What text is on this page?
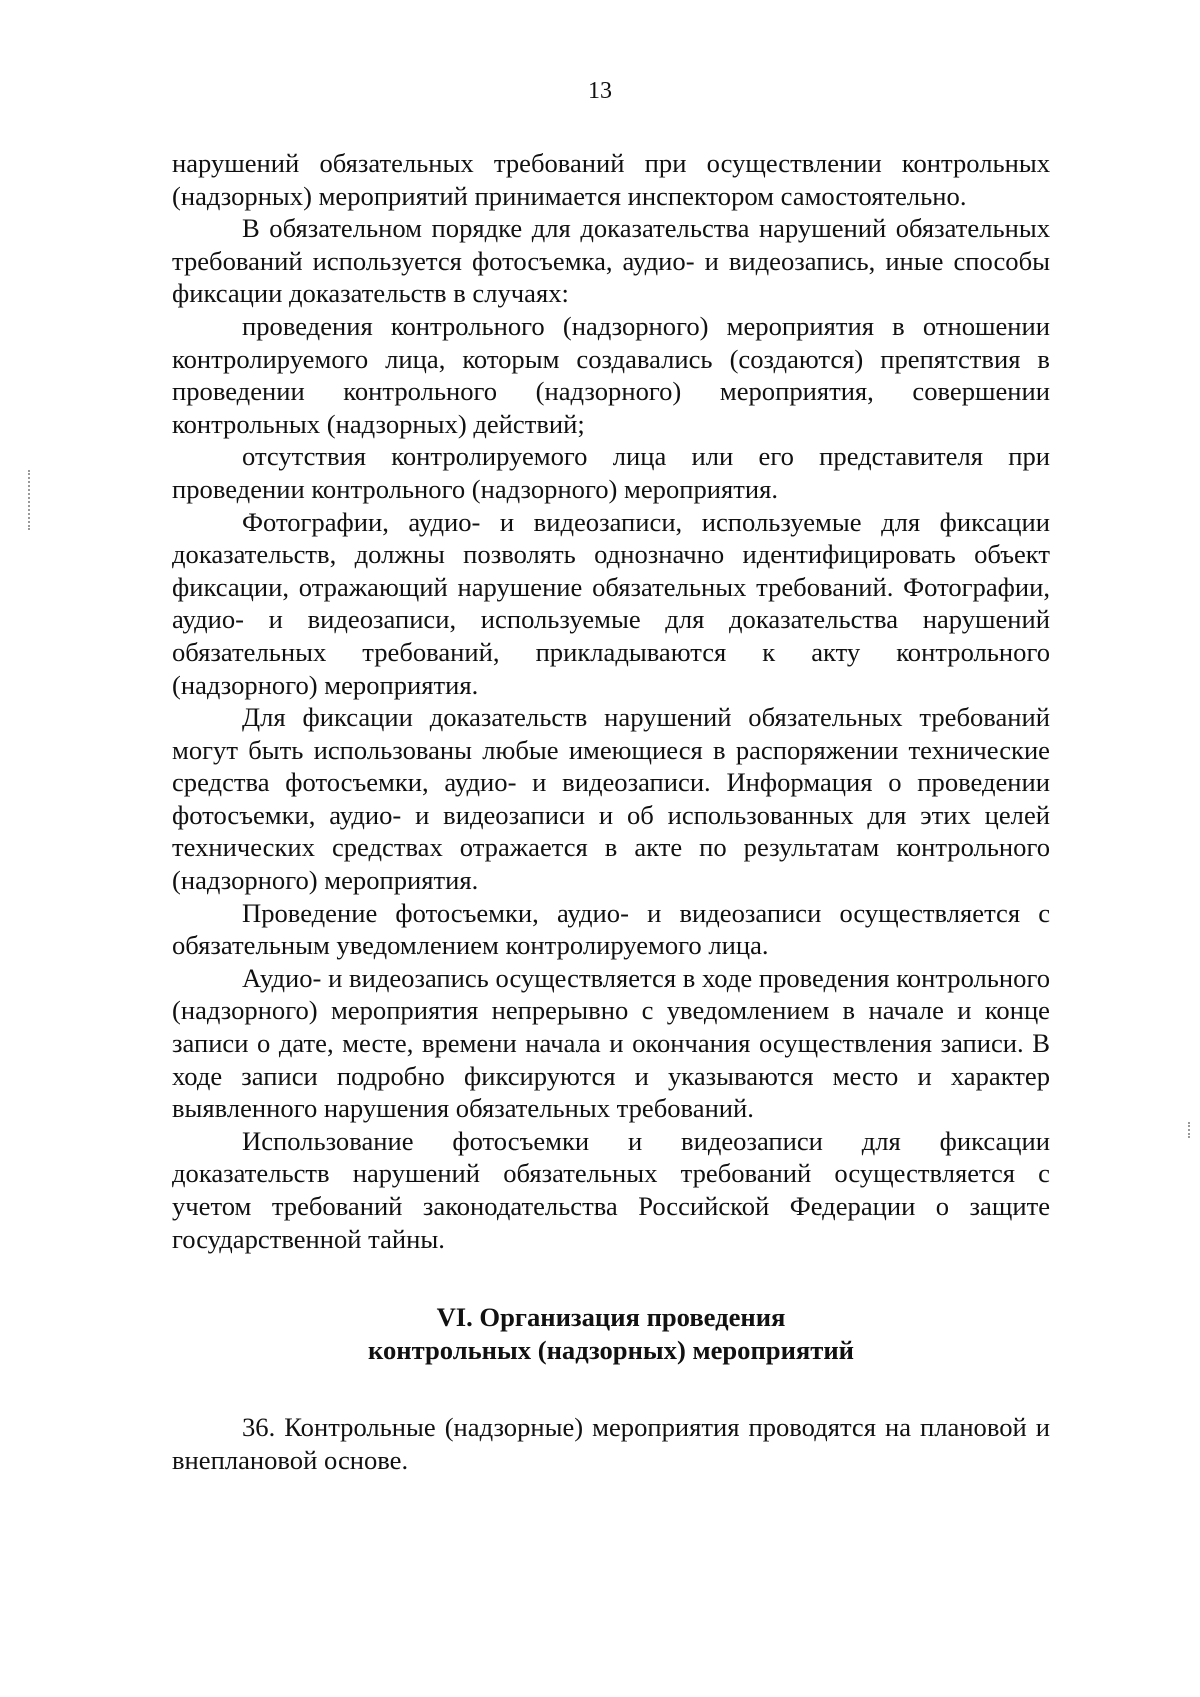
13

нарушений обязательных требований при осуществлении контрольных (надзорных) мероприятий принимается инспектором самостоятельно.

В обязательном порядке для доказательства нарушений обязательных требований используется фотосъемка, аудио- и видеозапись, иные способы фиксации доказательств в случаях:

проведения контрольного (надзорного) мероприятия в отношении контролируемого лица, которым создавались (создаются) препятствия в проведении контрольного (надзорного) мероприятия, совершении контрольных (надзорных) действий;

отсутствия контролируемого лица или его представителя при проведении контрольного (надзорного) мероприятия.

Фотографии, аудио- и видеозаписи, используемые для фиксации доказательств, должны позволять однозначно идентифицировать объект фиксации, отражающий нарушение обязательных требований. Фотографии, аудио- и видеозаписи, используемые для доказательства нарушений обязательных требований, прикладываются к акту контрольного (надзорного) мероприятия.

Для фиксации доказательств нарушений обязательных требований могут быть использованы любые имеющиеся в распоряжении технические средства фотосъемки, аудио- и видеозаписи. Информация о проведении фотосъемки, аудио- и видеозаписи и об использованных для этих целей технических средствах отражается в акте по результатам контрольного (надзорного) мероприятия.

Проведение фотосъемки, аудио- и видеозаписи осуществляется с обязательным уведомлением контролируемого лица.

Аудио- и видеозапись осуществляется в ходе проведения контрольного (надзорного) мероприятия непрерывно с уведомлением в начале и конце записи о дате, месте, времени начала и окончания осуществления записи. В ходе записи подробно фиксируются и указываются место и характер выявленного нарушения обязательных требований.

Использование фотосъемки и видеозаписи для фиксации доказательств нарушений обязательных требований осуществляется с учетом требований законодательства Российской Федерации о защите государственной тайны.

VI. Организация проведения
контрольных (надзорных) мероприятий

36. Контрольные (надзорные) мероприятия проводятся на плановой и внеплановой основе.
